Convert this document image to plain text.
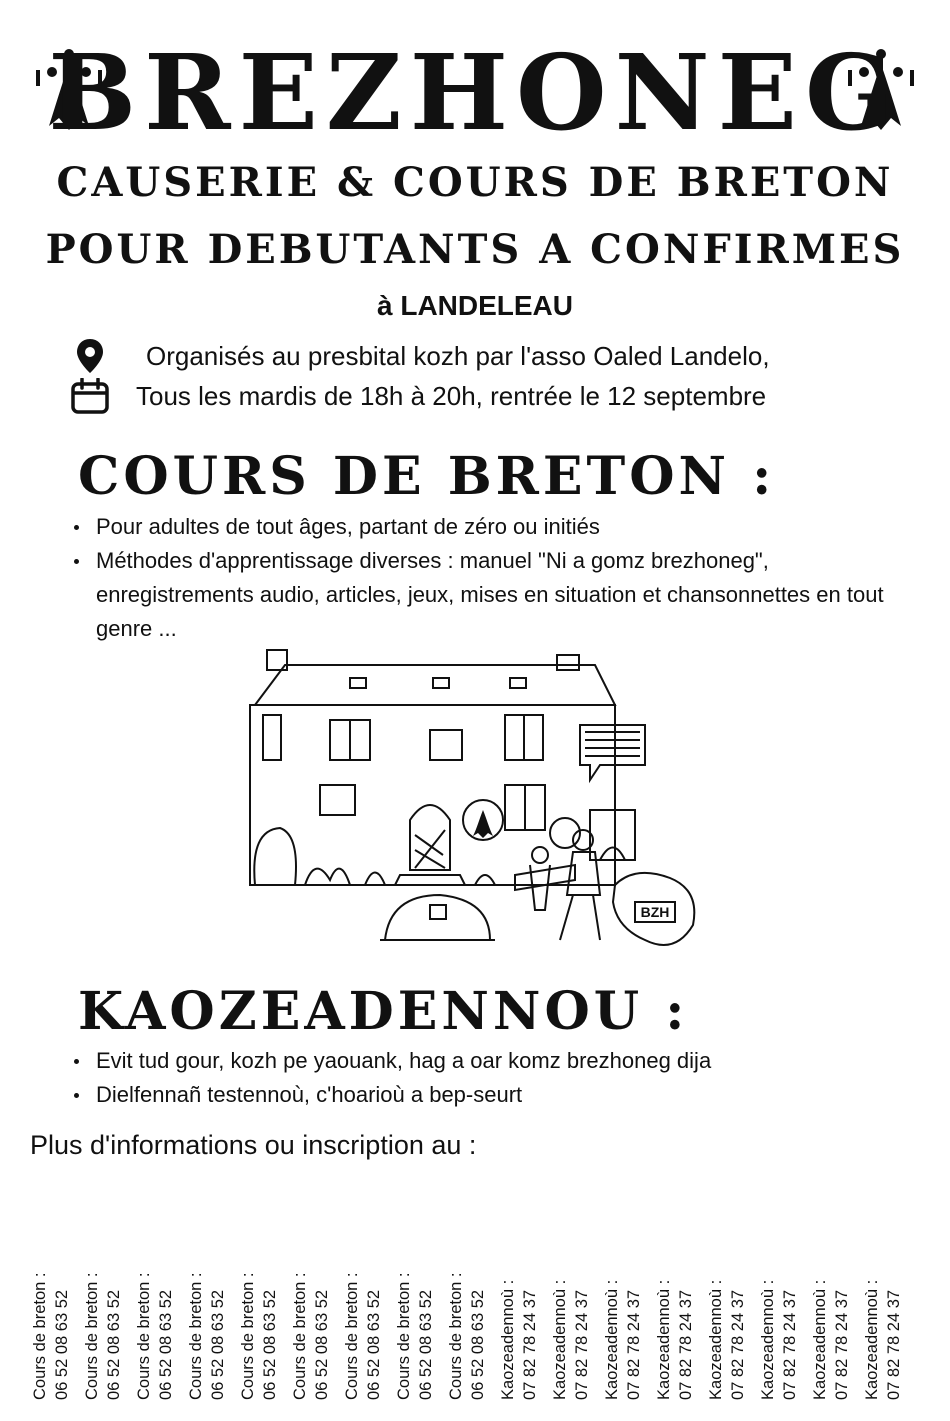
BREZHONEG
CAUSERIE & COURS DE BRETON
POUR DEBUTANTS A CONFIRMES
à LANDELEAU
Organisés au presbital kozh par l'asso Oaled Landelo,
Tous les mardis de 18h à 20h, rentrée le 12 septembre
COURS DE BRETON :
Pour adultes de tout âges, partant de zéro ou initiés
Méthodes d'apprentissage diverses : manuel "Ni a gomz brezhoneg", enregistrements audio, articles, jeux, mises en situation et chansonnettes en tout genre ...
BZH
KAOZEADENNOU :
Evit tud gour, kozh pe yaouank, hag a oar komz brezhoneg dija
Dielfennañ testennoù, c'hoarioù a bep-seurt
Plus d'informations ou inscription au :
Cours de breton : 06 52 08 63 52 Cours de breton : 06 52 08 63 52 Cours de breton : 06 52 08 63 52 Cours de breton : 06 52 08 63 52 Cours de breton : 06 52 08 63 52 Cours de breton : 06 52 08 63 52 Cours de breton : 06 52 08 63 52 Cours de breton : 06 52 08 63 52 Cours de breton : 06 52 08 63 52 Kaozeadennoù : 07 82 78 24 37 Kaozeadennoù : 07 82 78 24 37 Kaozeadennoù : 07 82 78 24 37 Kaozeadennoù : 07 82 78 24 37 Kaozeadennoù : 07 82 78 24 37 Kaozeadennoù : 07 82 78 24 37 Kaozeadennoù : 07 82 78 24 37 Kaozeadennoù : 07 82 78 24 37
